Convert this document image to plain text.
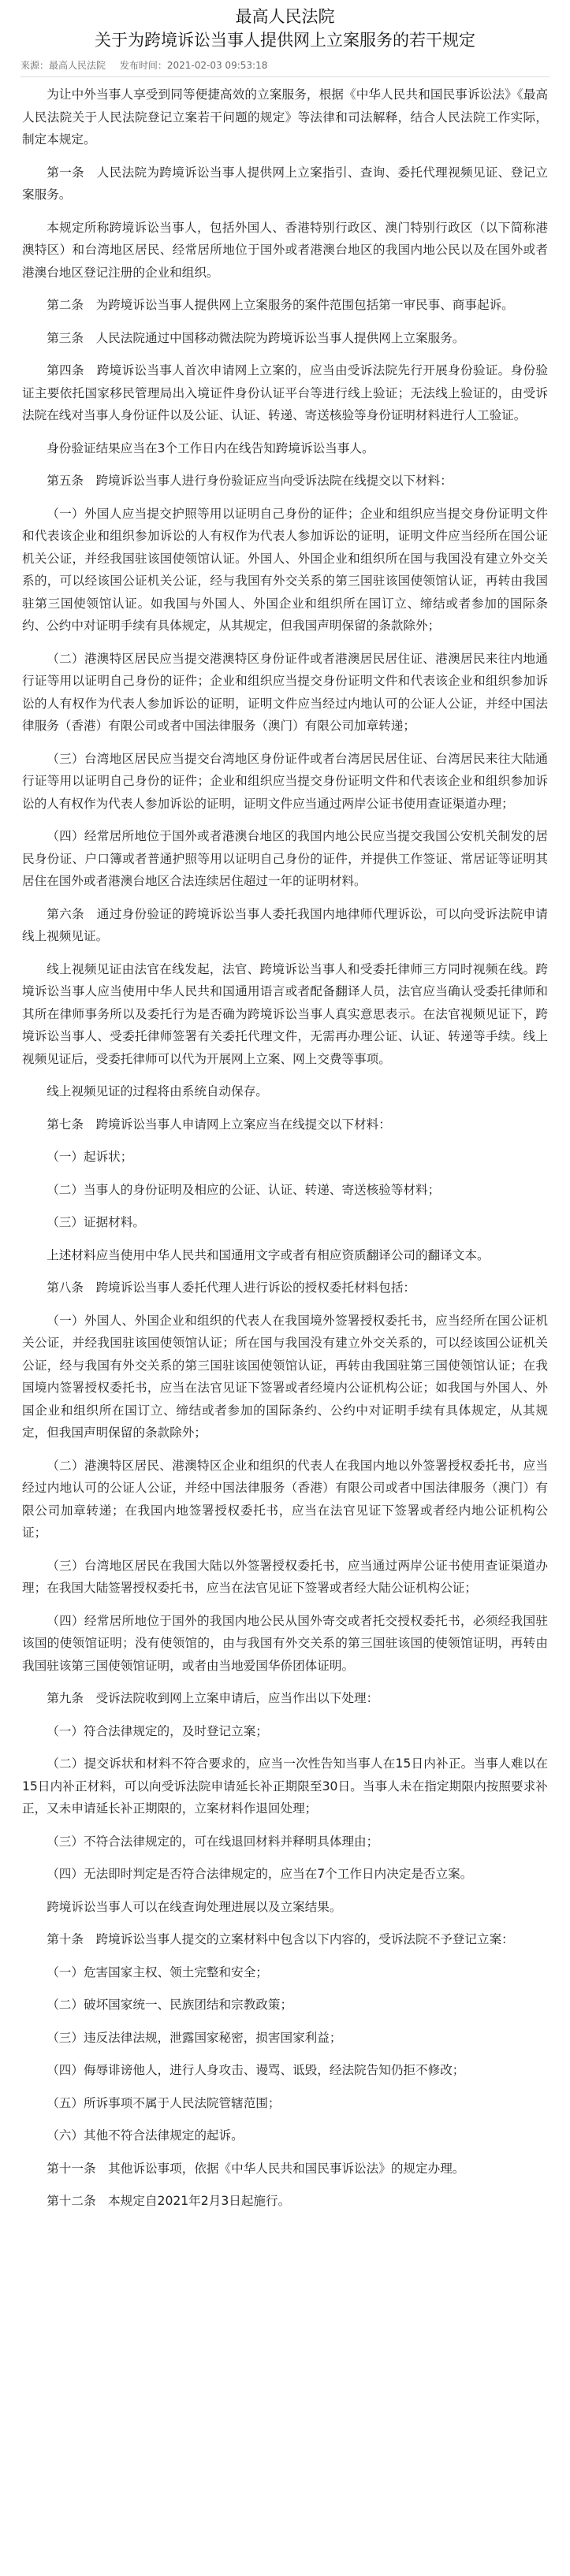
最高人民法院
关于为跨境诉讼当事人提供网上立案服务的若干规定
来源：最高人民法院 发布时间：2021-02-03 09:53:18

为让中外当事人享受到同等便捷高效的立案服务，根据《中华人民共和国民事诉讼法》《最高人民法院关于人民法院登记立案若干问题的规定》等法律和司法解释，结合人民法院工作实际，制定本规定。

第一条　人民法院为跨境诉讼当事人提供网上立案指引、查询、委托代理视频见证、登记立案服务。

本规定所称跨境诉讼当事人，包括外国人、香港特别行政区、澳门特别行政区（以下简称港澳特区）和台湾地区居民、经常居所地位于国外或者港澳台地区的我国内地公民以及在国外或者港澳台地区登记注册的企业和组织。

第二条　为跨境诉讼当事人提供网上立案服务的案件范围包括第一审民事、商事起诉。

第三条　人民法院通过中国移动微法院为跨境诉讼当事人提供网上立案服务。

第四条　跨境诉讼当事人首次申请网上立案的，应当由受诉法院先行开展身份验证。身份验证主要依托国家移民管理局出入境证件身份认证平台等进行线上验证；无法线上验证的，由受诉法院在线对当事人身份证件以及公证、认证、转递、寄送核验等身份证明材料进行人工验证。

身份验证结果应当在3个工作日内在线告知跨境诉讼当事人。

第五条　跨境诉讼当事人进行身份验证应当向受诉法院在线提交以下材料：

（一）外国人应当提交护照等用以证明自己身份的证件；企业和组织应当提交身份证明文件和代表该企业和组织参加诉讼的人有权作为代表人参加诉讼的证明，证明文件应当经所在国公证机关公证，并经我国驻该国使领馆认证。外国人、外国企业和组织所在国与我国没有建立外交关系的，可以经该国公证机关公证，经与我国有外交关系的第三国驻该国使领馆认证，再转由我国驻第三国使领馆认证。如我国与外国人、外国企业和组织所在国订立、缔结或者参加的国际条约、公约中对证明手续有具体规定，从其规定，但我国声明保留的条款除外；

（二）港澳特区居民应当提交港澳特区身份证件或者港澳居民居住证、港澳居民来往内地通行证等用以证明自己身份的证件；企业和组织应当提交身份证明文件和代表该企业和组织参加诉讼的人有权作为代表人参加诉讼的证明，证明文件应当经过内地认可的公证人公证，并经中国法律服务（香港）有限公司或者中国法律服务（澳门）有限公司加章转递；

（三）台湾地区居民应当提交台湾地区身份证件或者台湾居民居住证、台湾居民来往大陆通行证等用以证明自己身份的证件；企业和组织应当提交身份证明文件和代表该企业和组织参加诉讼的人有权作为代表人参加诉讼的证明，证明文件应当通过两岸公证书使用查证渠道办理；

（四）经常居所地位于国外或者港澳台地区的我国内地公民应当提交我国公安机关制发的居民身份证、户口簿或者普通护照等用以证明自己身份的证件，并提供工作签证、常居证等证明其居住在国外或者港澳台地区合法连续居住超过一年的证明材料。

第六条　通过身份验证的跨境诉讼当事人委托我国内地律师代理诉讼，可以向受诉法院申请线上视频见证。

线上视频见证由法官在线发起，法官、跨境诉讼当事人和受委托律师三方同时视频在线。跨境诉讼当事人应当使用中华人民共和国通用语言或者配备翻译人员，法官应当确认受委托律师和其所在律师事务所以及委托行为是否确为跨境诉讼当事人真实意思表示。在法官视频见证下，跨境诉讼当事人、受委托律师签署有关委托代理文件，无需再办理公证、认证、转递等手续。线上视频见证后，受委托律师可以代为开展网上立案、网上交费等事项。

线上视频见证的过程将由系统自动保存。

第七条　跨境诉讼当事人申请网上立案应当在线提交以下材料：

（一）起诉状；

（二）当事人的身份证明及相应的公证、认证、转递、寄送核验等材料；

（三）证据材料。

上述材料应当使用中华人民共和国通用文字或者有相应资质翻译公司的翻译文本。

第八条　跨境诉讼当事人委托代理人进行诉讼的授权委托材料包括：

（一）外国人、外国企业和组织的代表人在我国境外签署授权委托书，应当经所在国公证机关公证，并经我国驻该国使领馆认证；所在国与我国没有建立外交关系的，可以经该国公证机关公证，经与我国有外交关系的第三国驻该国使领馆认证，再转由我国驻第三国使领馆认证；在我国境内签署授权委托书，应当在法官见证下签署或者经境内公证机构公证；如我国与外国人、外国企业和组织所在国订立、缔结或者参加的国际条约、公约中对证明手续有具体规定，从其规定，但我国声明保留的条款除外；

（二）港澳特区居民、港澳特区企业和组织的代表人在我国内地以外签署授权委托书，应当经过内地认可的公证人公证，并经中国法律服务（香港）有限公司或者中国法律服务（澳门）有限公司加章转递；在我国内地签署授权委托书，应当在法官见证下签署或者经内地公证机构公证；

（三）台湾地区居民在我国大陆以外签署授权委托书，应当通过两岸公证书使用查证渠道办理；在我国大陆签署授权委托书，应当在法官见证下签署或者经大陆公证机构公证；

（四）经常居所地位于国外的我国内地公民从国外寄交或者托交授权委托书，必须经我国驻该国的使领馆证明；没有使领馆的，由与我国有外交关系的第三国驻该国的使领馆证明，再转由我国驻该第三国使领馆证明，或者由当地爱国华侨团体证明。

第九条　受诉法院收到网上立案申请后，应当作出以下处理：

（一）符合法律规定的，及时登记立案；

（二）提交诉状和材料不符合要求的，应当一次性告知当事人在15日内补正。当事人难以在15日内补正材料，可以向受诉法院申请延长补正期限至30日。当事人未在指定期限内按照要求补正，又未申请延长补正期限的，立案材料作退回处理；

（三）不符合法律规定的，可在线退回材料并释明具体理由；

（四）无法即时判定是否符合法律规定的，应当在7个工作日内决定是否立案。

跨境诉讼当事人可以在线查询处理进展以及立案结果。

第十条　跨境诉讼当事人提交的立案材料中包含以下内容的，受诉法院不予登记立案：

（一）危害国家主权、领土完整和安全；

（二）破坏国家统一、民族团结和宗教政策；

（三）违反法律法规，泄露国家秘密，损害国家利益；

（四）侮辱诽谤他人，进行人身攻击、谩骂、诋毁，经法院告知仍拒不修改；

（五）所诉事项不属于人民法院管辖范围；

（六）其他不符合法律规定的起诉。

第十一条　其他诉讼事项，依据《中华人民共和国民事诉讼法》的规定办理。

第十二条　本规定自2021年2月3日起施行。
